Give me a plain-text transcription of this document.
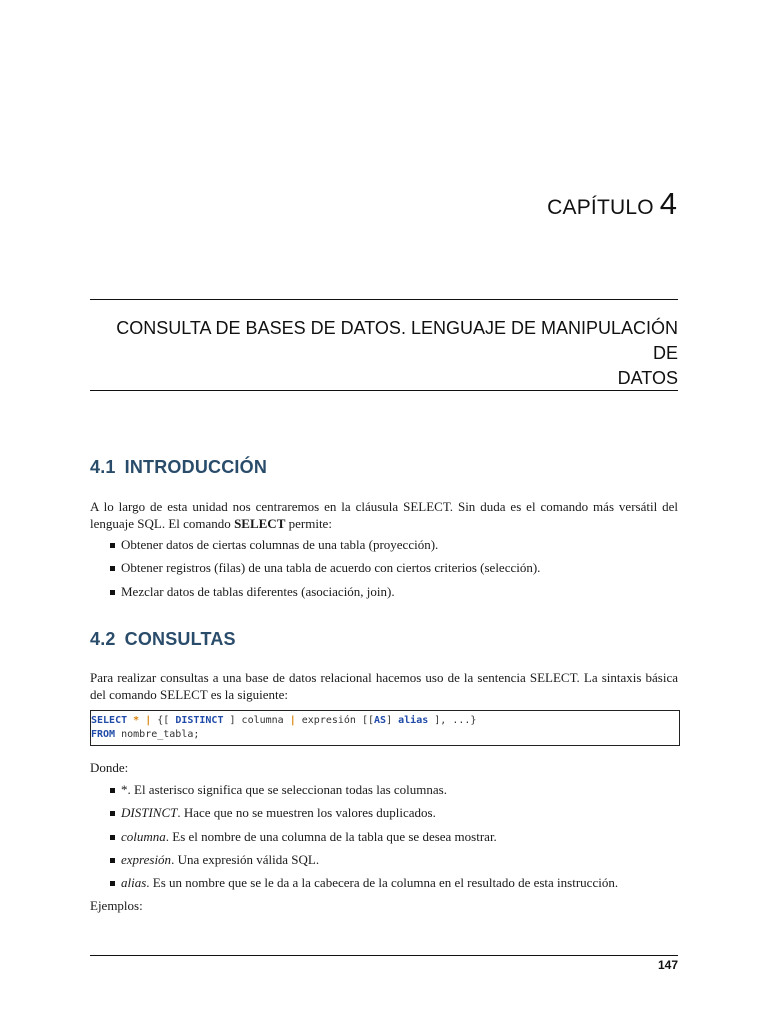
CAPÍTULO 4
CONSULTA DE BASES DE DATOS. LENGUAJE DE MANIPULACIÓN DE
DATOS
4.1 INTRODUCCIÓN
A lo largo de esta unidad nos centraremos en la cláusula SELECT. Sin duda es el comando más versátil del lenguaje SQL. El comando SELECT permite:
Obtener datos de ciertas columnas de una tabla (proyección).
Obtener registros (filas) de una tabla de acuerdo con ciertos criterios (selección).
Mezclar datos de tablas diferentes (asociación, join).
4.2 CONSULTAS
Para realizar consultas a una base de datos relacional hacemos uso de la sentencia SELECT. La sintaxis básica del comando SELECT es la siguiente:
SELECT * | {[ DISTINCT ] columna | expresión [[AS] alias ], ...}
FROM nombre_tabla;
Donde:
*. El asterisco significa que se seleccionan todas las columnas.
DISTINCT. Hace que no se muestren los valores duplicados.
columna. Es el nombre de una columna de la tabla que se desea mostrar.
expresión. Una expresión válida SQL.
alias. Es un nombre que se le da a la cabecera de la columna en el resultado de esta instrucción.
Ejemplos:
147
